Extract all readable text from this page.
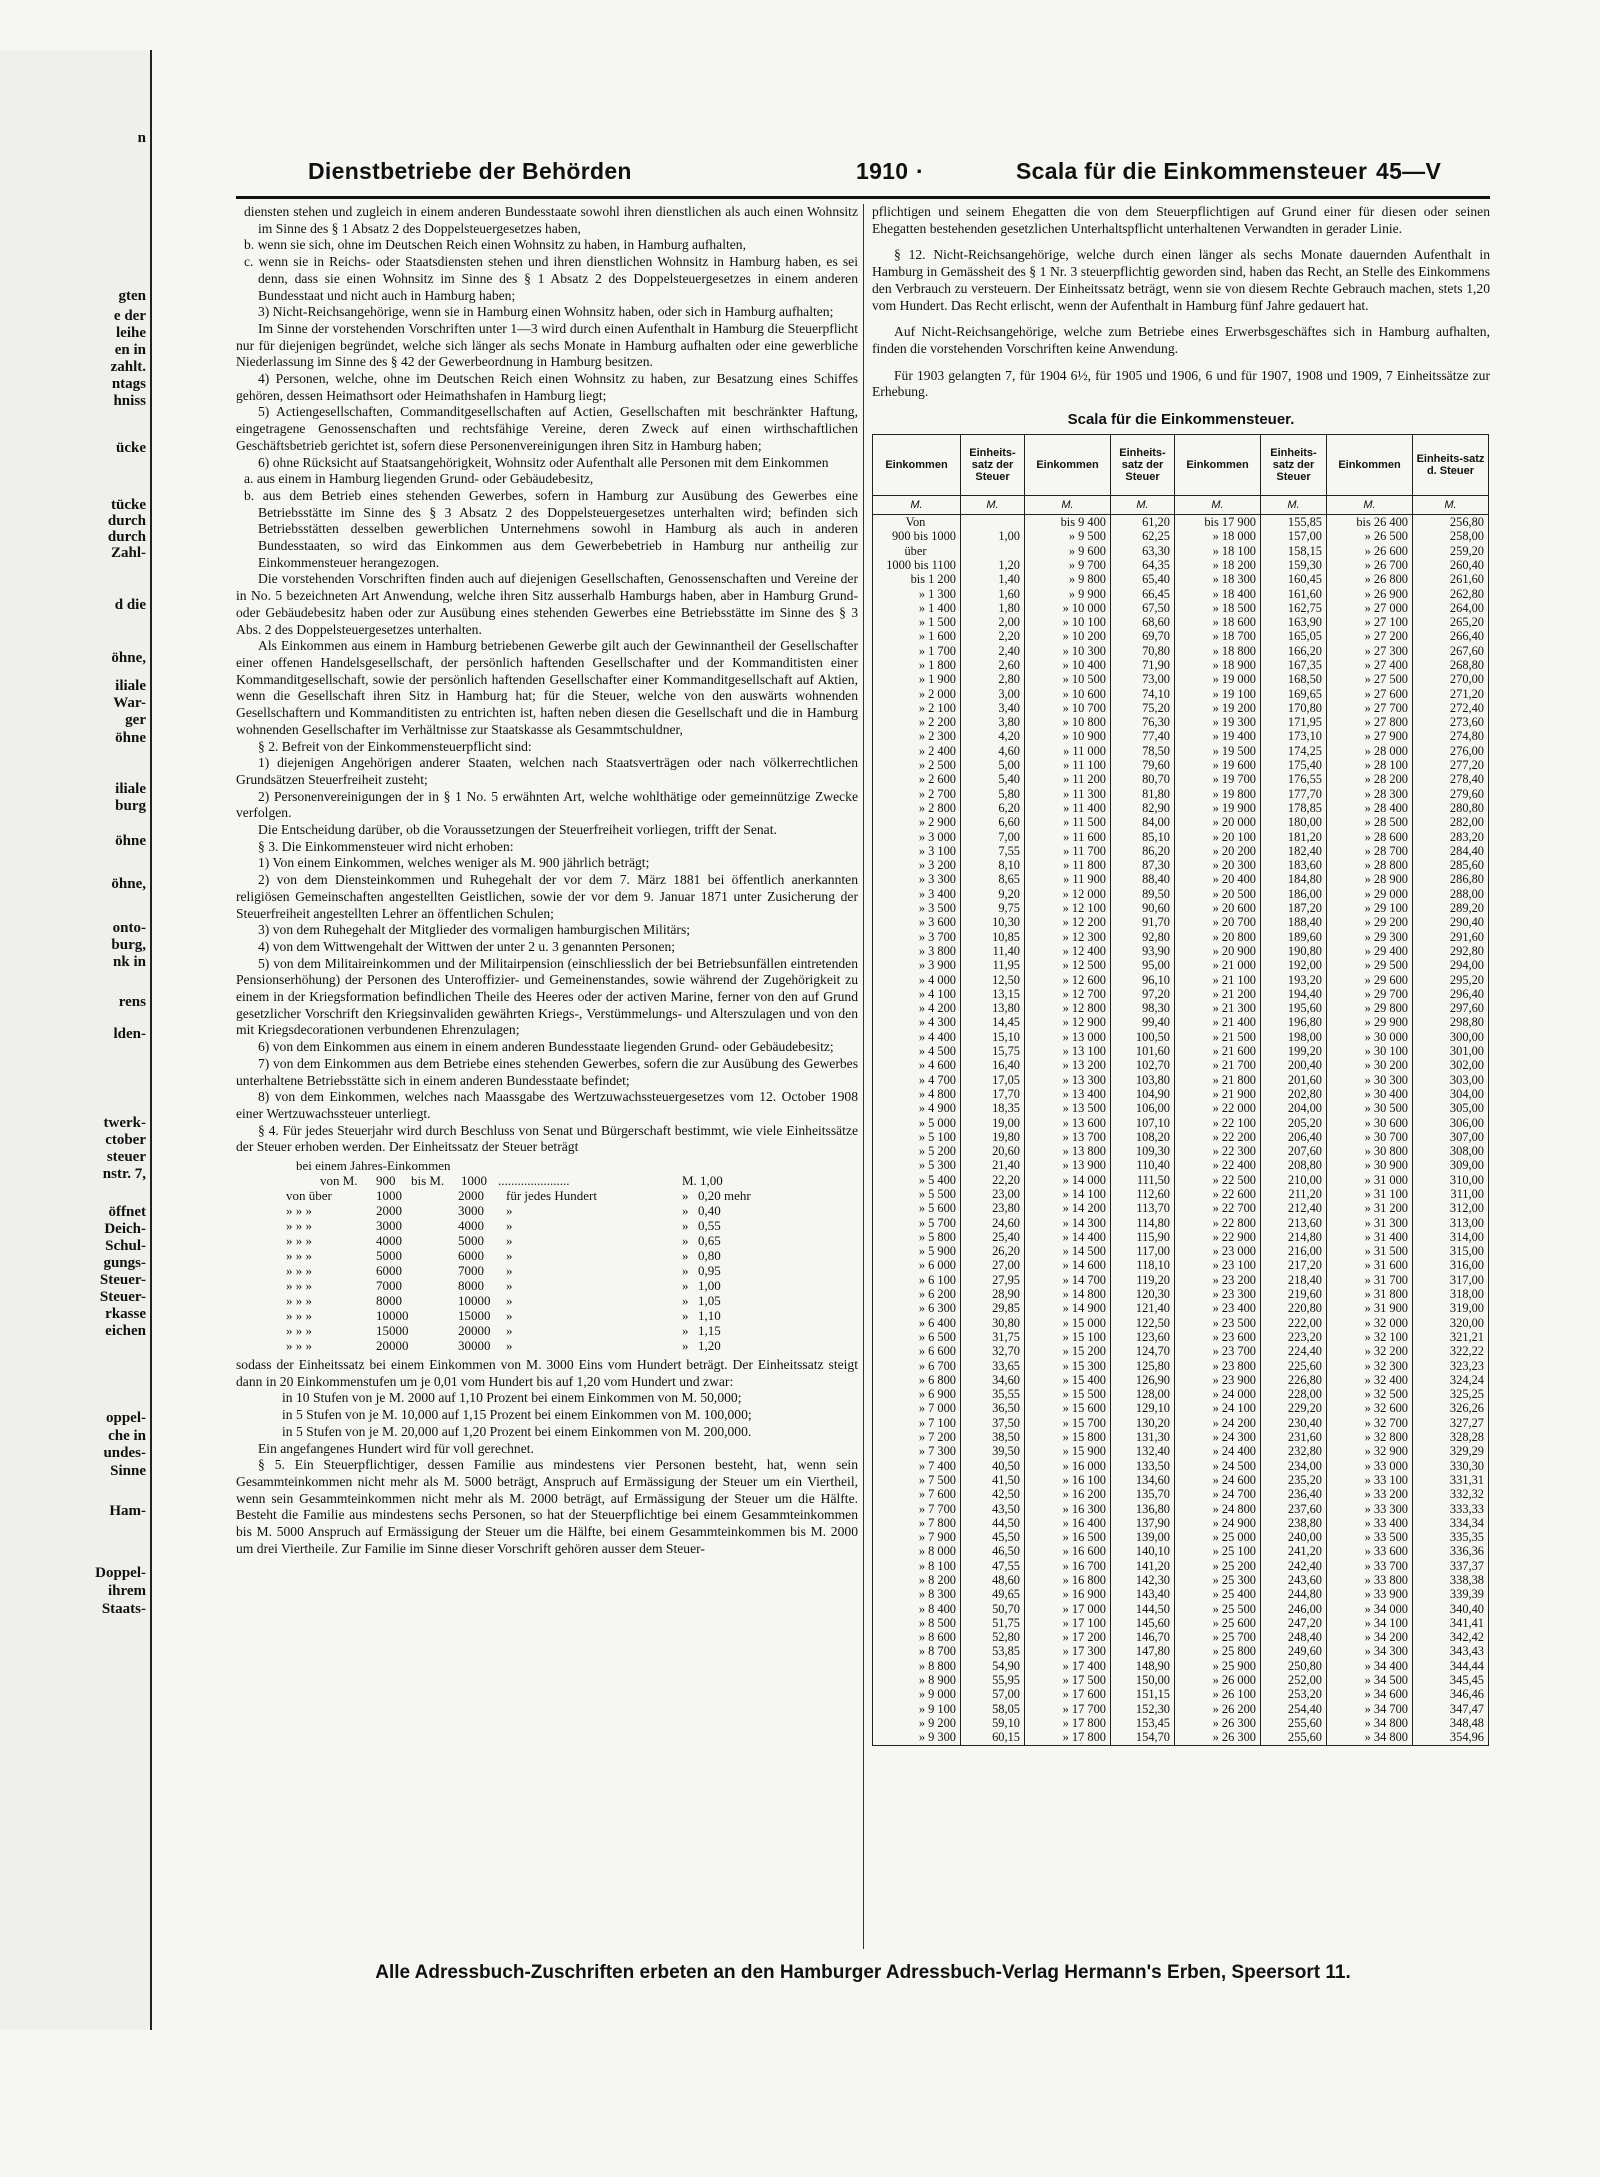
n
gten
e der
leihe
en in
zahlt.
ntags
hniss
ücke
tücke
durch
durch
Zahl-
d die
öhne,
iliale
War-
ger
öhne
iliale
burg
öhne
öhne,
onto-
burg,
nk in
rens
lden-
twerk-
ctober
steuer
nstr. 7,
öffnet
Deich-
Schul-
gungs-
Steuer-
Steuer-
rkasse
eichen
oppel-
che in
undes-
Sinne
Ham-
Doppel-
ihrem
Staats-
Dienstbetriebe der Behörden	1910 ·	Scala für die Einkommensteuer 45—V

diensten stehen und zugleich in einem anderen Bundesstaate sowohl ihren dienstlichen als auch einen Wohnsitz im Sinne des § 1 Absatz 2 des Doppelsteuergesetzes haben,

b. wenn sie sich, ohne im Deutschen Reich einen Wohnsitz zu haben, in Hamburg aufhalten,

c. wenn sie in Reichs- oder Staatsdiensten stehen und ihren dienstlichen Wohnsitz in Hamburg haben, es sei denn, dass sie einen Wohnsitz im Sinne des § 1 Absatz 2 des Doppelsteuergesetzes in einem anderen Bundesstaat und nicht auch in Hamburg haben;

3) Nicht-Reichsangehörige, wenn sie in Hamburg einen Wohnsitz haben, oder sich in Hamburg aufhalten;

Im Sinne der vorstehenden Vorschriften unter 1—3 wird durch einen Aufenthalt in Hamburg die Steuerpflicht nur für diejenigen begründet, welche sich länger als sechs Monate in Hamburg aufhalten oder eine gewerbliche Niederlassung im Sinne des § 42 der Gewerbeordnung in Hamburg besitzen.

4) Personen, welche, ohne im Deutschen Reich einen Wohnsitz zu haben, zur Besatzung eines Schiffes gehören, dessen Heimathsort oder Heimathshafen in Hamburg liegt;

5) Actiengesellschaften, Commanditgesellschaften auf Actien, Gesellschaften mit beschränkter Haftung, eingetragene Genossenschaften und rechtsfähige Vereine, deren Zweck auf einen wirthschaftlichen Geschäftsbetrieb gerichtet ist, sofern diese Personenvereinigungen ihren Sitz in Hamburg haben;

6) ohne Rücksicht auf Staatsangehörigkeit, Wohnsitz oder Aufenthalt alle Personen mit dem Einkommen

a. aus einem in Hamburg liegenden Grund- oder Gebäudebesitz,

b. aus dem Betrieb eines stehenden Gewerbes, sofern in Hamburg zur Ausübung des Gewerbes eine Betriebsstätte im Sinne des § 3 Absatz 2 des Doppelsteuergesetzes unterhalten wird; befinden sich Betriebsstätten desselben gewerblichen Unternehmens sowohl in Hamburg als auch in anderen Bundesstaaten, so wird das Einkommen aus dem Gewerbebetrieb in Hamburg nur antheilig zur Einkommensteuer herangezogen.

Die vorstehenden Vorschriften finden auch auf diejenigen Gesellschaften, Genossenschaften und Vereine der in No. 5 bezeichneten Art Anwendung, welche ihren Sitz ausserhalb Hamburgs haben, aber in Hamburg Grund- oder Gebäudebesitz haben oder zur Ausübung eines stehenden Gewerbes eine Betriebsstätte im Sinne des § 3 Abs. 2 des Doppelsteuergesetzes unterhalten.

Als Einkommen aus einem in Hamburg betriebenen Gewerbe gilt auch der Gewinnantheil der Gesellschafter einer offenen Handelsgesellschaft, der persönlich haftenden Gesellschafter und der Kommanditisten einer Kommanditgesellschaft, sowie der persönlich haftenden Gesellschafter einer Kommanditgesellschaft auf Aktien, wenn die Gesellschaft ihren Sitz in Hamburg hat; für die Steuer, welche von den auswärts wohnenden Gesellschaftern und Kommanditisten zu entrichten ist, haften neben diesen die Gesellschaft und die in Hamburg wohnenden Gesellschafter im Verhältnisse zur Staatskasse als Gesammtschuldner,

§ 2. Befreit von der Einkommensteuerpflicht sind:

1) diejenigen Angehörigen anderer Staaten, welchen nach Staatsverträgen oder nach völkerrechtlichen Grundsätzen Steuerfreiheit zusteht;

2) Personenvereinigungen der in § 1 No. 5 erwähnten Art, welche wohlthätige oder gemeinnützige Zwecke verfolgen.

Die Entscheidung darüber, ob die Voraussetzungen der Steuerfreiheit vorliegen, trifft der Senat.

§ 3. Die Einkommensteuer wird nicht erhoben:

1) Von einem Einkommen, welches weniger als M. 900 jährlich beträgt;

2) von dem Diensteinkommen und Ruhegehalt der vor dem 7. März 1881 bei öffentlich anerkannten religiösen Gemeinschaften angestellten Geistlichen, sowie der vor dem 9. Januar 1871 unter Zusicherung der Steuerfreiheit angestellten Lehrer an öffentlichen Schulen;

3) von dem Ruhegehalt der Mitglieder des vormaligen hamburgischen Militärs;

4) von dem Wittwengehalt der Wittwen der unter 2 u. 3 genannten Personen;

5) von dem Militaireinkommen und der Militairpension (einschliesslich der bei Betriebsunfällen eintretenden Pensionserhöhung) der Personen des Unteroffizier- und Gemeinenstandes, sowie während der Zugehörigkeit zu einem in der Kriegsformation befindlichen Theile des Heeres oder der activen Marine, ferner von den auf Grund gesetzlicher Vorschrift den Kriegsinvaliden gewährten Kriegs-, Verstümmelungs- und Alterszulagen und von den mit Kriegsdecorationen verbundenen Ehrenzulagen;

6) von dem Einkommen aus einem in einem anderen Bundesstaate liegenden Grund- oder Gebäudebesitz;

7) von dem Einkommen aus dem Betriebe eines stehenden Gewerbes, sofern die zur Ausübung des Gewerbes unterhaltene Betriebsstätte sich in einem anderen Bundesstaate befindet;

8) von dem Einkommen, welches nach Maassgabe des Wertzuwachssteuergesetzes vom 12. October 1908 einer Wertzuwachssteuer unterliegt.

§ 4. Für jedes Steuerjahr wird durch Beschluss von Senat und Bürgerschaft bestimmt, wie viele Einheitssätze der Steuer erhoben werden. Der Einheitssatz der Steuer beträgt

bei einem Jahres-Einkommen
von M. 900 bis M. 1000 ......................	M. 1,00
von über	1000	2000 für jedes Hundert	» 0,20 mehr
» » »	2000	3000 »	» 0,40
» » »	3000	4000 »	» 0,55
» » »	4000	5000 »	» 0,65
» » »	5000	6000 »	» 0,80
» » »	6000	7000 »	» 0,95
» » »	7000	8000 »	» 1,00
» » »	8000	10000 »	» 1,05
» » »	10000	15000 »	» 1,10
» » »	15000	20000 »	» 1,15
» » »	20000	30000 »	» 1,20

sodass der Einheitssatz bei einem Einkommen von M. 3000 Eins vom Hundert beträgt. Der Einheitssatz steigt dann in 20 Einkommenstufen um je 0,01 vom Hundert bis auf 1,20 vom Hundert und zwar:

in 10 Stufen von je M. 2000 auf 1,10 Prozent bei einem Einkommen von M. 50,000;

in 5 Stufen von je M. 10,000 auf 1,15 Prozent bei einem Einkommen von M. 100,000;

in 5 Stufen von je M. 20,000 auf 1,20 Prozent bei einem Einkommen von M. 200,000.

Ein angefangenes Hundert wird für voll gerechnet.

§ 5. Ein Steuerpflichtiger, dessen Familie aus mindestens vier Personen besteht, hat, wenn sein Gesammteinkommen nicht mehr als M. 5000 beträgt, Anspruch auf Ermässigung der Steuer um ein Viertheil, wenn sein Gesammteinkommen nicht mehr als M. 2000 beträgt, auf Ermässigung der Steuer um die Hälfte. Besteht die Familie aus mindestens sechs Personen, so hat der Steuerpflichtige bei einem Gesammteinkommen bis M. 5000 Anspruch auf Ermässigung der Steuer um die Hälfte, bei einem Gesammteinkommen bis M. 2000 um drei Viertheile. Zur Familie im Sinne dieser Vorschrift gehören ausser dem Steuer-

pflichtigen und seinem Ehegatten die von dem Steuerpflichtigen auf Grund einer für diesen oder seinen Ehegatten bestehenden gesetzlichen Unterhaltspflicht unterhaltenen Verwandten in gerader Linie.

§ 12. Nicht-Reichsangehörige, welche durch einen länger als sechs Monate dauernden Aufenthalt in Hamburg in Gemässheit des § 1 Nr. 3 steuerpflichtig geworden sind, haben das Recht, an Stelle des Einkommens den Verbrauch zu versteuern. Der Einheitssatz beträgt, wenn sie von diesem Rechte Gebrauch machen, stets 1,20 vom Hundert. Das Recht erlischt, wenn der Aufenthalt in Hamburg fünf Jahre gedauert hat.

Auf Nicht-Reichsangehörige, welche zum Betriebe eines Erwerbsgeschäftes sich in Hamburg aufhalten, finden die vorstehenden Vorschriften keine Anwendung.

Für 1903 gelangten 7, für 1904 6½, für 1905 und 1906, 6 und für 1907, 1908 und 1909, 7 Einheitssätze zur Erhebung.

Scala für die Einkommensteuer.
Einkommen	Einheits-satz der Steuer	Einkommen	Einheits-satz der Steuer	Einkommen	Einheits-satz der Steuer	Einkommen	Einheits-satz d. Steuer
M.	M.	M.	M.	M.	M.	M.	M.
Von		bis 9 400	61,20	bis 17 900	155,85	bis 26 400	256,80
900 bis 1000	1,00	» 9 500	62,25	» 18 000	157,00	» 26 500	258,00
über		» 9 600	63,30	» 18 100	158,15	» 26 600	259,20
1000 bis 1100	1,20	» 9 700	64,35	» 18 200	159,30	» 26 700	260,40
bis 1 200	1,40	» 9 800	65,40	» 18 300	160,45	» 26 800	261,60
» 1 300	1,60	» 9 900	66,45	» 18 400	161,60	» 26 900	262,80
» 1 400	1,80	» 10 000	67,50	» 18 500	162,75	» 27 000	264,00
» 1 500	2,00	» 10 100	68,60	» 18 600	163,90	» 27 100	265,20
» 1 600	2,20	» 10 200	69,70	» 18 700	165,05	» 27 200	266,40
» 1 700	2,40	» 10 300	70,80	» 18 800	166,20	» 27 300	267,60
» 1 800	2,60	» 10 400	71,90	» 18 900	167,35	» 27 400	268,80
» 1 900	2,80	» 10 500	73,00	» 19 000	168,50	» 27 500	270,00
» 2 000	3,00	» 10 600	74,10	» 19 100	169,65	» 27 600	271,20
» 2 100	3,40	» 10 700	75,20	» 19 200	170,80	» 27 700	272,40
» 2 200	3,80	» 10 800	76,30	» 19 300	171,95	» 27 800	273,60
» 2 300	4,20	» 10 900	77,40	» 19 400	173,10	» 27 900	274,80
» 2 400	4,60	» 11 000	78,50	» 19 500	174,25	» 28 000	276,00
» 2 500	5,00	» 11 100	79,60	» 19 600	175,40	» 28 100	277,20
» 2 600	5,40	» 11 200	80,70	» 19 700	176,55	» 28 200	278,40
» 2 700	5,80	» 11 300	81,80	» 19 800	177,70	» 28 300	279,60
» 2 800	6,20	» 11 400	82,90	» 19 900	178,85	» 28 400	280,80
» 2 900	6,60	» 11 500	84,00	» 20 000	180,00	» 28 500	282,00
» 3 000	7,00	» 11 600	85,10	» 20 100	181,20	» 28 600	283,20
» 3 100	7,55	» 11 700	86,20	» 20 200	182,40	» 28 700	284,40
» 3 200	8,10	» 11 800	87,30	» 20 300	183,60	» 28 800	285,60
» 3 300	8,65	» 11 900	88,40	» 20 400	184,80	» 28 900	286,80
» 3 400	9,20	» 12 000	89,50	» 20 500	186,00	» 29 000	288,00
» 3 500	9,75	» 12 100	90,60	» 20 600	187,20	» 29 100	289,20
» 3 600	10,30	» 12 200	91,70	» 20 700	188,40	» 29 200	290,40
» 3 700	10,85	» 12 300	92,80	» 20 800	189,60	» 29 300	291,60
» 3 800	11,40	» 12 400	93,90	» 20 900	190,80	» 29 400	292,80
» 3 900	11,95	» 12 500	95,00	» 21 000	192,00	» 29 500	294,00
» 4 000	12,50	» 12 600	96,10	» 21 100	193,20	» 29 600	295,20
» 4 100	13,15	» 12 700	97,20	» 21 200	194,40	» 29 700	296,40
» 4 200	13,80	» 12 800	98,30	» 21 300	195,60	» 29 800	297,60
» 4 300	14,45	» 12 900	99,40	» 21 400	196,80	» 29 900	298,80
» 4 400	15,10	» 13 000	100,50	» 21 500	198,00	» 30 000	300,00
» 4 500	15,75	» 13 100	101,60	» 21 600	199,20	» 30 100	301,00
» 4 600	16,40	» 13 200	102,70	» 21 700	200,40	» 30 200	302,00
» 4 700	17,05	» 13 300	103,80	» 21 800	201,60	» 30 300	303,00
» 4 800	17,70	» 13 400	104,90	» 21 900	202,80	» 30 400	304,00
» 4 900	18,35	» 13 500	106,00	» 22 000	204,00	» 30 500	305,00
» 5 000	19,00	» 13 600	107,10	» 22 100	205,20	» 30 600	306,00
» 5 100	19,80	» 13 700	108,20	» 22 200	206,40	» 30 700	307,00
» 5 200	20,60	» 13 800	109,30	» 22 300	207,60	» 30 800	308,00
» 5 300	21,40	» 13 900	110,40	» 22 400	208,80	» 30 900	309,00
» 5 400	22,20	» 14 000	111,50	» 22 500	210,00	» 31 000	310,00
» 5 500	23,00	» 14 100	112,60	» 22 600	211,20	» 31 100	311,00
» 5 600	23,80	» 14 200	113,70	» 22 700	212,40	» 31 200	312,00
» 5 700	24,60	» 14 300	114,80	» 22 800	213,60	» 31 300	313,00
» 5 800	25,40	» 14 400	115,90	» 22 900	214,80	» 31 400	314,00
» 5 900	26,20	» 14 500	117,00	» 23 000	216,00	» 31 500	315,00
» 6 000	27,00	» 14 600	118,10	» 23 100	217,20	» 31 600	316,00
» 6 100	27,95	» 14 700	119,20	» 23 200	218,40	» 31 700	317,00
» 6 200	28,90	» 14 800	120,30	» 23 300	219,60	» 31 800	318,00
» 6 300	29,85	» 14 900	121,40	» 23 400	220,80	» 31 900	319,00
» 6 400	30,80	» 15 000	122,50	» 23 500	222,00	» 32 000	320,00
» 6 500	31,75	» 15 100	123,60	» 23 600	223,20	» 32 100	321,21
» 6 600	32,70	» 15 200	124,70	» 23 700	224,40	» 32 200	322,22
» 6 700	33,65	» 15 300	125,80	» 23 800	225,60	» 32 300	323,23
» 6 800	34,60	» 15 400	126,90	» 23 900	226,80	» 32 400	324,24
» 6 900	35,55	» 15 500	128,00	» 24 000	228,00	» 32 500	325,25
» 7 000	36,50	» 15 600	129,10	» 24 100	229,20	» 32 600	326,26
» 7 100	37,50	» 15 700	130,20	» 24 200	230,40	» 32 700	327,27
» 7 200	38,50	» 15 800	131,30	» 24 300	231,60	» 32 800	328,28
» 7 300	39,50	» 15 900	132,40	» 24 400	232,80	» 32 900	329,29
» 7 400	40,50	» 16 000	133,50	» 24 500	234,00	» 33 000	330,30
» 7 500	41,50	» 16 100	134,60	» 24 600	235,20	» 33 100	331,31
» 7 600	42,50	» 16 200	135,70	» 24 700	236,40	» 33 200	332,32
» 7 700	43,50	» 16 300	136,80	» 24 800	237,60	» 33 300	333,33
» 7 800	44,50	» 16 400	137,90	» 24 900	238,80	» 33 400	334,34
» 7 900	45,50	» 16 500	139,00	» 25 000	240,00	» 33 500	335,35
» 8 000	46,50	» 16 600	140,10	» 25 100	241,20	» 33 600	336,36
» 8 100	47,55	» 16 700	141,20	» 25 200	242,40	» 33 700	337,37
» 8 200	48,60	» 16 800	142,30	» 25 300	243,60	» 33 800	338,38
» 8 300	49,65	» 16 900	143,40	» 25 400	244,80	» 33 900	339,39
» 8 400	50,70	» 17 000	144,50	» 25 500	246,00	» 34 000	340,40
» 8 500	51,75	» 17 100	145,60	» 25 600	247,20	» 34 100	341,41
» 8 600	52,80	» 17 200	146,70	» 25 700	248,40	» 34 200	342,42
» 8 700	53,85	» 17 300	147,80	» 25 800	249,60	» 34 300	343,43
» 8 800	54,90	» 17 400	148,90	» 25 900	250,80	» 34 400	344,44
» 8 900	55,95	» 17 500	150,00	» 26 000	252,00	» 34 500	345,45
» 9 000	57,00	» 17 600	151,15	» 26 100	253,20	» 34 600	346,46
» 9 100	58,05	» 17 700	152,30	» 26 200	254,40	» 34 700	347,47
» 9 200	59,10	» 17 800	153,45	» 26 300	255,60	» 34 800	348,48
» 9 300	60,15	» 17 800	154,70	» 26 300	255,60	» 34 800	354,96
Alle Adressbuch-Zuschriften erbeten an den Hamburger Adressbuch-Verlag Hermann's Erben, Speersort 11.
